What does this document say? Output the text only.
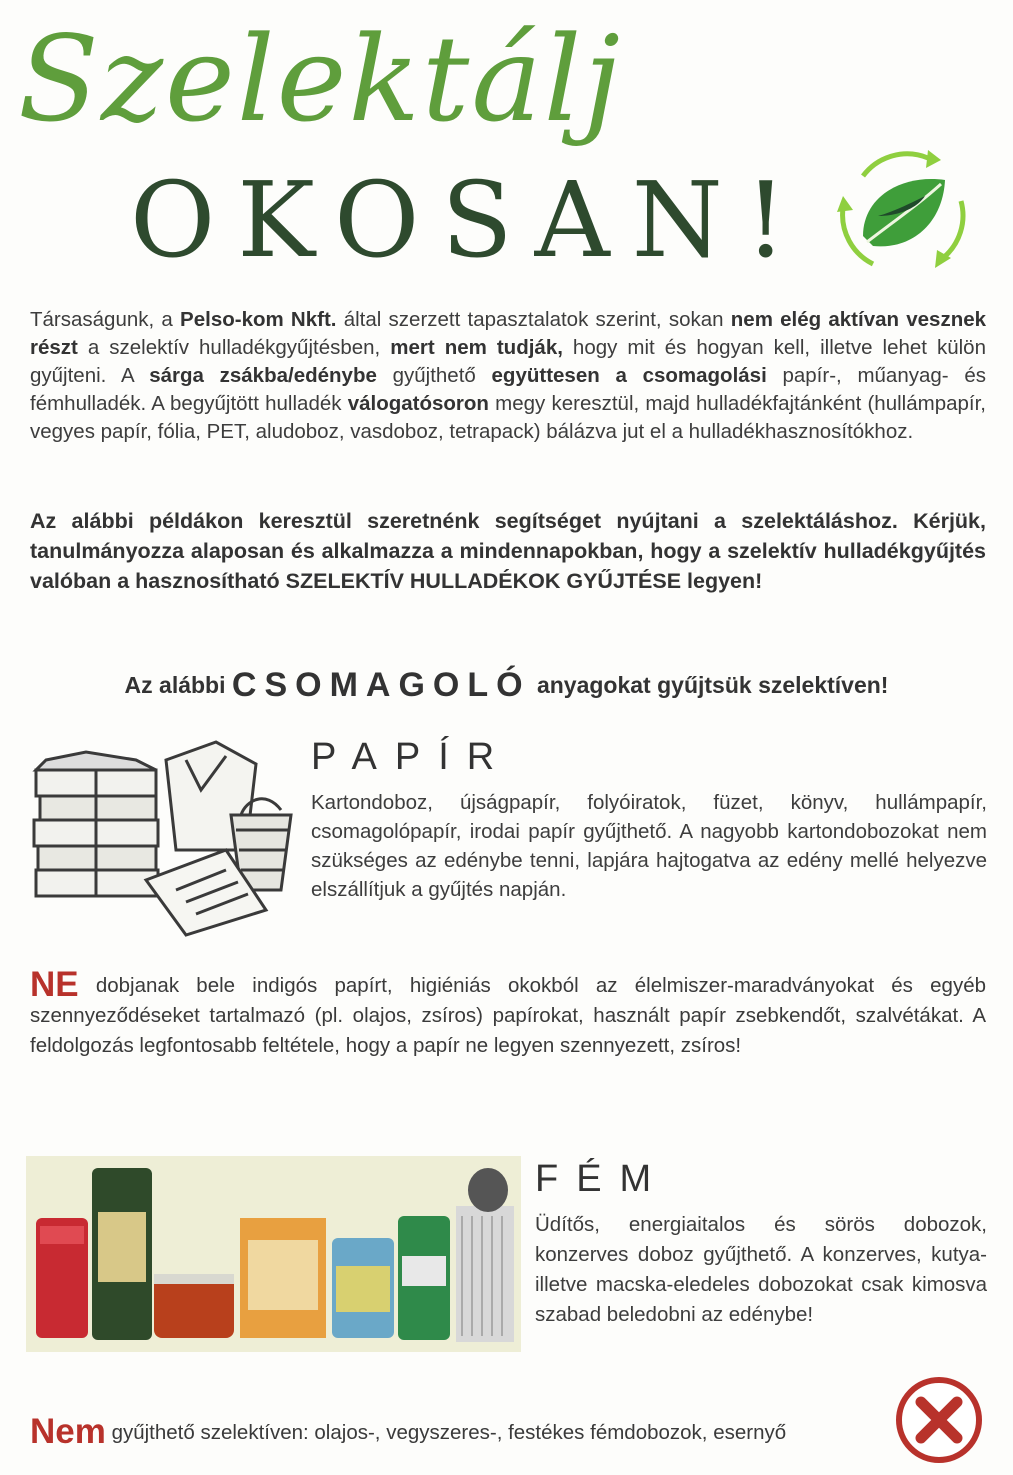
Szelektálj
OKOSAN!
Társaságunk, a Pelso-kom Nkft. által szerzett tapasztalatok szerint, sokan nem elég aktívan vesznek részt a szelektív hulladékgyűjtésben, mert nem tudják, hogy mit és hogyan kell, illetve lehet külön gyűjteni. A sárga zsákba/edénybe gyűjthető együttesen a csomagolási papír-, műanyag- és fémhulladék. A begyűjtött hulladék válogatósoron megy keresztül, majd hulladékfajtánként (hullámpapír, vegyes papír, fólia, PET, aludoboz, vasdoboz, tetrapack) bálázva jut el a hulladékhasznosítókhoz.
Az alábbi példákon keresztül szeretnénk segítséget nyújtani a szelektáláshoz. Kérjük, tanulmányozza alaposan és alkalmazza a mindennapokban, hogy a szelektív hulladékgyűjtés valóban a hasznosítható SZELEKTÍV HULLADÉKOK GYŰJTÉSE legyen!
Az alábbi CSOMAGOLÓ anyagokat gyűjtsük szelektíven!
PAPÍR
Kartondoboz, újságpapír, folyóiratok, füzet, könyv, hullámpapír, csomagolópapír, irodai papír gyűjthető. A nagyobb kartondobozokat nem szükséges az edénybe tenni, lapjára hajtogatva az edény mellé helyezve elszállítjuk a gyűjtés napján.
NE dobjanak bele indigós papírt, higiéniás okokból az élelmiszer-maradványokat és egyéb szennyeződéseket tartalmazó (pl. olajos, zsíros) papírokat, használt papír zsebkendőt, szalvétákat. A feldolgozás legfontosabb feltétele, hogy a papír ne legyen szennyezett, zsíros!
FÉM
Üdítős, energiaitalos és sörös dobozok, konzerves doboz gyűjthető. A konzerves, kutya- illetve macska-eledeles dobozokat csak kimosva szabad beledobni az edénybe!
Nem gyűjthető szelektíven: olajos-, vegyszeres-, festékes fémdobozok, esernyő
